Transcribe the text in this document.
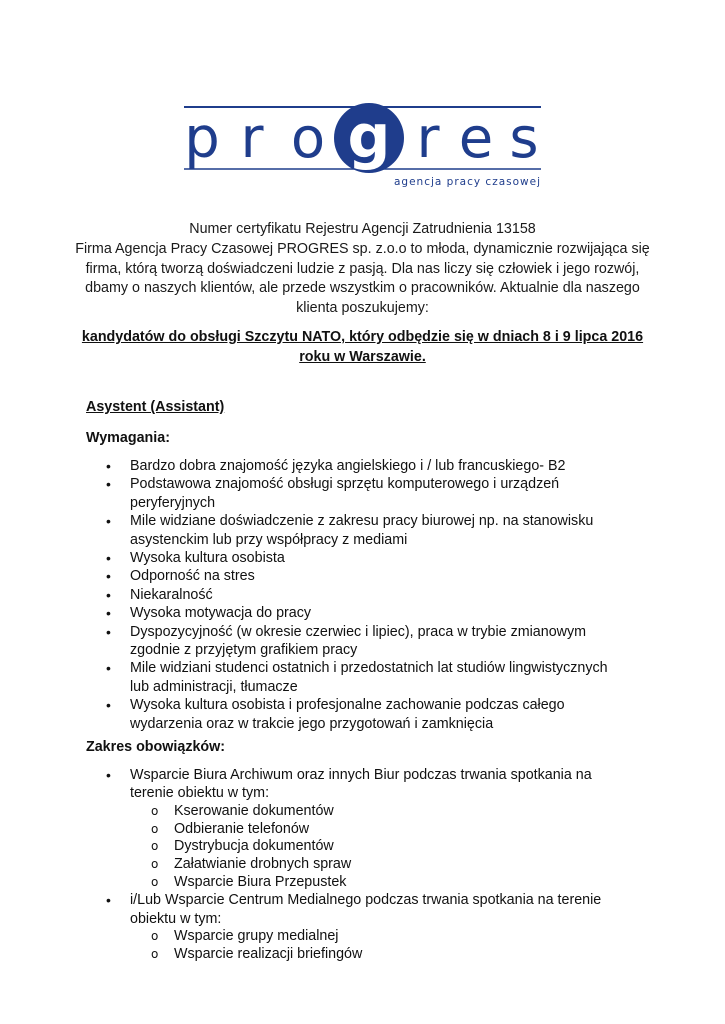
p r o g r e s
agencja pracy czasowej
Numer certyfikatu Rejestru Agencji Zatrudnienia 13158
Firma Agencja Pracy Czasowej PROGRES sp. z.o.o to młoda, dynamicznie rozwijająca się firma, którą tworzą doświadczeni ludzie z pasją. Dla nas liczy się człowiek i jego rozwój, dbamy o naszych klientów, ale przede wszystkim o pracowników. Aktualnie dla naszego klienta poszukujemy:
kandydatów do obsługi Szczytu NATO, który odbędzie się w dniach 8 i 9 lipca 2016 roku w Warszawie.
Asystent (Assistant)
Wymagania:
• Bardzo dobra znajomość języka angielskiego i / lub francuskiego- B2
• Podstawowa znajomość obsługi sprzętu komputerowego i urządzeń peryferyjnych
• Mile widziane doświadczenie z zakresu pracy biurowej np. na stanowisku asystenckim lub przy współpracy z mediami
• Wysoka kultura osobista
• Odporność na stres
• Niekaralność
• Wysoka motywacja do pracy
• Dyspozycyjność (w okresie czerwiec i lipiec), praca w trybie zmianowym zgodnie z przyjętym grafikiem pracy
• Mile widziani studenci ostatnich i przedostatnich lat studiów lingwistycznych lub administracji, tłumacze
• Wysoka kultura osobista i profesjonalne zachowanie podczas całego wydarzenia oraz w trakcie jego przygotowań i zamknięcia
Zakres obowiązków:
• Wsparcie Biura Archiwum oraz innych Biur podczas trwania spotkania na terenie obiektu w tym:
o Kserowanie dokumentów
o Odbieranie telefonów
o Dystrybucja dokumentów
o Załatwianie drobnych spraw
o Wsparcie Biura Przepustek
• i/Lub Wsparcie Centrum Medialnego podczas trwania spotkania na terenie obiektu w tym:
o Wsparcie grupy medialnej
o Wsparcie realizacji briefingów
